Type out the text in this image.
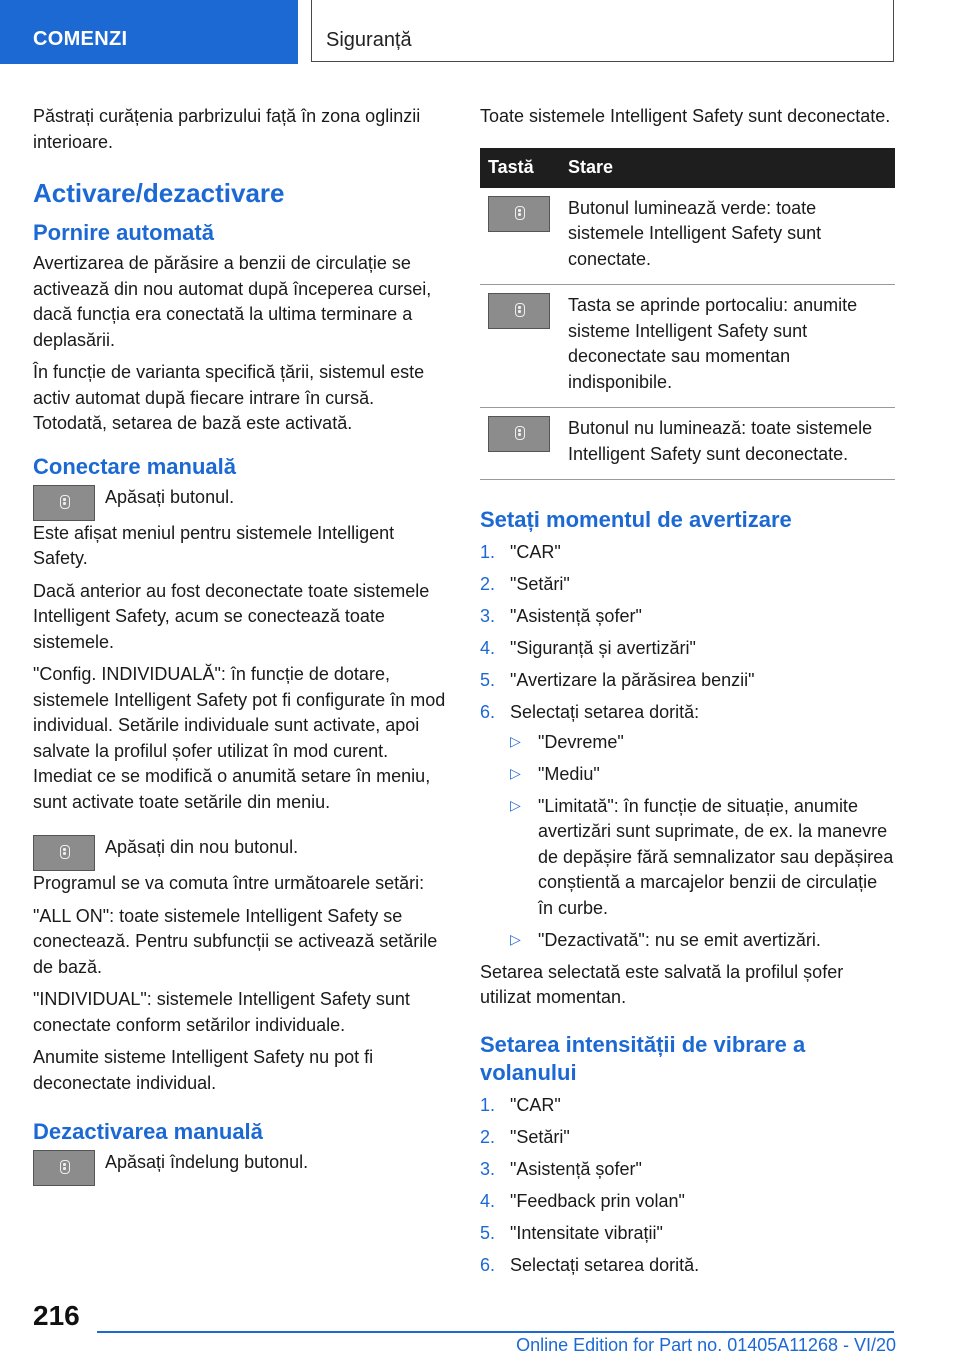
COMENZI	Siguranță

Păstrați curățenia parbrizului față în zona oglinzii interioare.

Activare/dezactivare
Pornire automată

Avertizarea de părăsire a benzii de circulație se activează din nou automat după începerea cursei, dacă funcția era conectată la ultima terminare a deplasării.

În funcție de varianta specifică țării, sistemul este activ automat după fiecare intrare în cursă. Totodată, setarea de bază este activată.

Conectare manuală

Apăsați butonul.

Este afișat meniul pentru sistemele Intelligent Safety.

Dacă anterior au fost deconectate toate sistemele Intelligent Safety, acum se conectează toate sistemele.

"Config. INDIVIDUALĂ": în funcție de dotare, sistemele Intelligent Safety pot fi configurate în mod individual. Setările individuale sunt activate, apoi salvate la profilul șofer utilizat în mod curent. Imediat ce se modifică o anumită setare în meniu, sunt activate toate setările din meniu.

Apăsați din nou butonul.

Programul se va comuta între următoarele setări:

"ALL ON": toate sistemele Intelligent Safety se conectează. Pentru subfuncții se activează setările de bază.

"INDIVIDUAL": sistemele Intelligent Safety sunt conectate conform setărilor individuale.

Anumite sisteme Intelligent Safety nu pot fi deconectate individual.

Dezactivarea manuală

Apăsați îndelung butonul.

Toate sistemele Intelligent Safety sunt deconectate.

Tastă	Stare

	Butonul luminează verde: toate sistemele Intelligent Safety sunt conectate.

	Tasta se aprinde portocaliu: anumite sisteme Intelligent Safety sunt deconectate sau momentan indisponibile.

	Butonul nu luminează: toate sistemele Intelligent Safety sunt deconectate.
Setați momentul de avertizare
1. "CAR"
2. "Setări"
3. "Asistență șofer"
4. "Siguranță și avertizări"
5. "Avertizare la părăsirea benzii"
6. Selectați setarea dorită:
▷ "Devreme"
▷ "Mediu"
▷ "Limitată": în funcție de situație, anumite avertizări sunt suprimate, de ex. la manevre de depășire fără semnalizator sau depășirea conștientă a marcajelor benzii de circulație în curbe.
▷ "Dezactivată": nu se emit avertizări.

Setarea selectată este salvată la profilul șofer utilizat momentan.

Setarea intensității de vibrare a volanului
1. "CAR"
2. "Setări"
3. "Asistență șofer"
4. "Feedback prin volan"
5. "Intensitate vibrații"
6. Selectați setarea dorită.
216
Online Edition for Part no. 01405A11268 - VI/20
